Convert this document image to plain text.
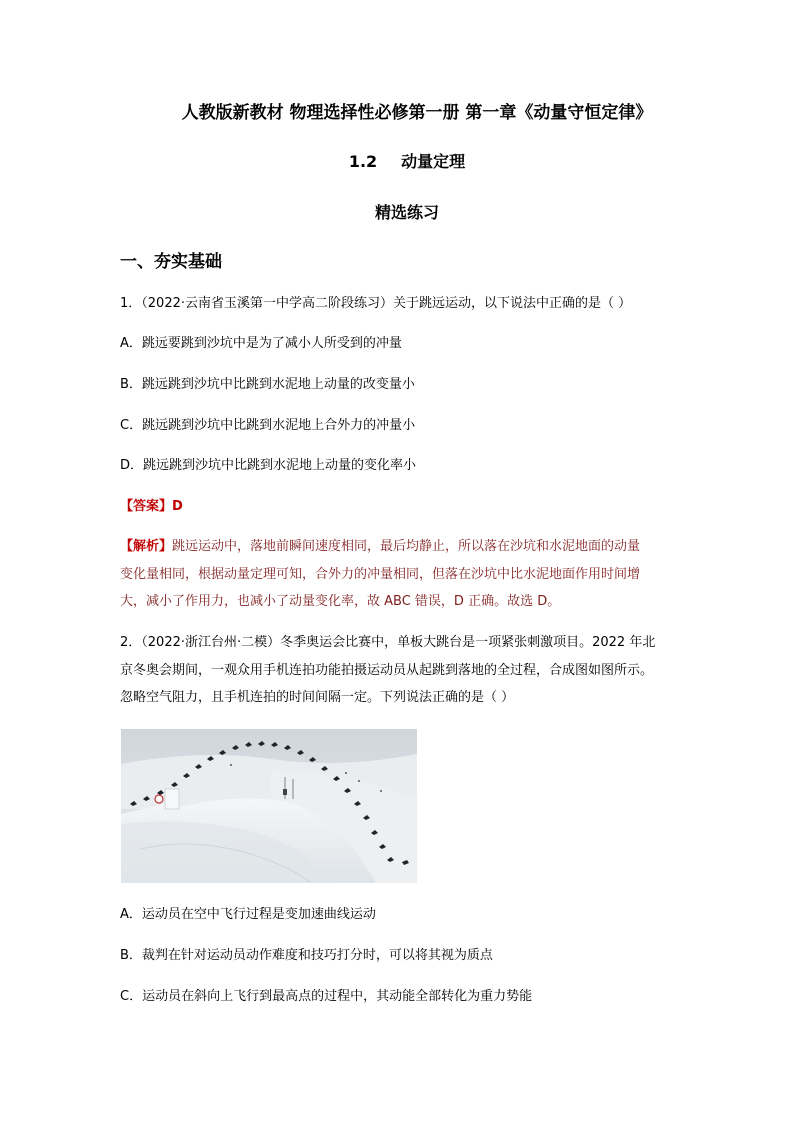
人教版新教材 物理选择性必修第一册 第一章《动量守恒定律》
1.2 动量定理
精选练习
一、夯实基础
1．（2022·云南省玉溪第一中学高二阶段练习）关于跳远运动，以下说法中正确的是（ ）
A．跳远要跳到沙坑中是为了减小人所受到的冲量
B．跳远跳到沙坑中比跳到水泥地上动量的改变量小
C．跳远跳到沙坑中比跳到水泥地上合外力的冲量小
D．跳远跳到沙坑中比跳到水泥地上动量的变化率小
【答案】D
【解析】跳远运动中，落地前瞬间速度相同，最后均静止，所以落在沙坑和水泥地面的动量
变化量相同，根据动量定理可知，合外力的冲量相同，但落在沙坑中比水泥地面作用时间增
大，减小了作用力，也减小了动量变化率，故 ABC 错误，D 正确。故选 D。
2．（2022·浙江台州·二模）冬季奥运会比赛中，单板大跳台是一项紧张刺激项目。2022 年北
京冬奥会期间，一观众用手机连拍功能拍摄运动员从起跳到落地的全过程，合成图如图所示。
忽略空气阻力，且手机连拍的时间间隔一定。下列说法正确的是（ ）
A．运动员在空中飞行过程是变加速曲线运动
B．裁判在针对运动员动作难度和技巧打分时，可以将其视为质点
C．运动员在斜向上飞行到最高点的过程中，其动能全部转化为重力势能
